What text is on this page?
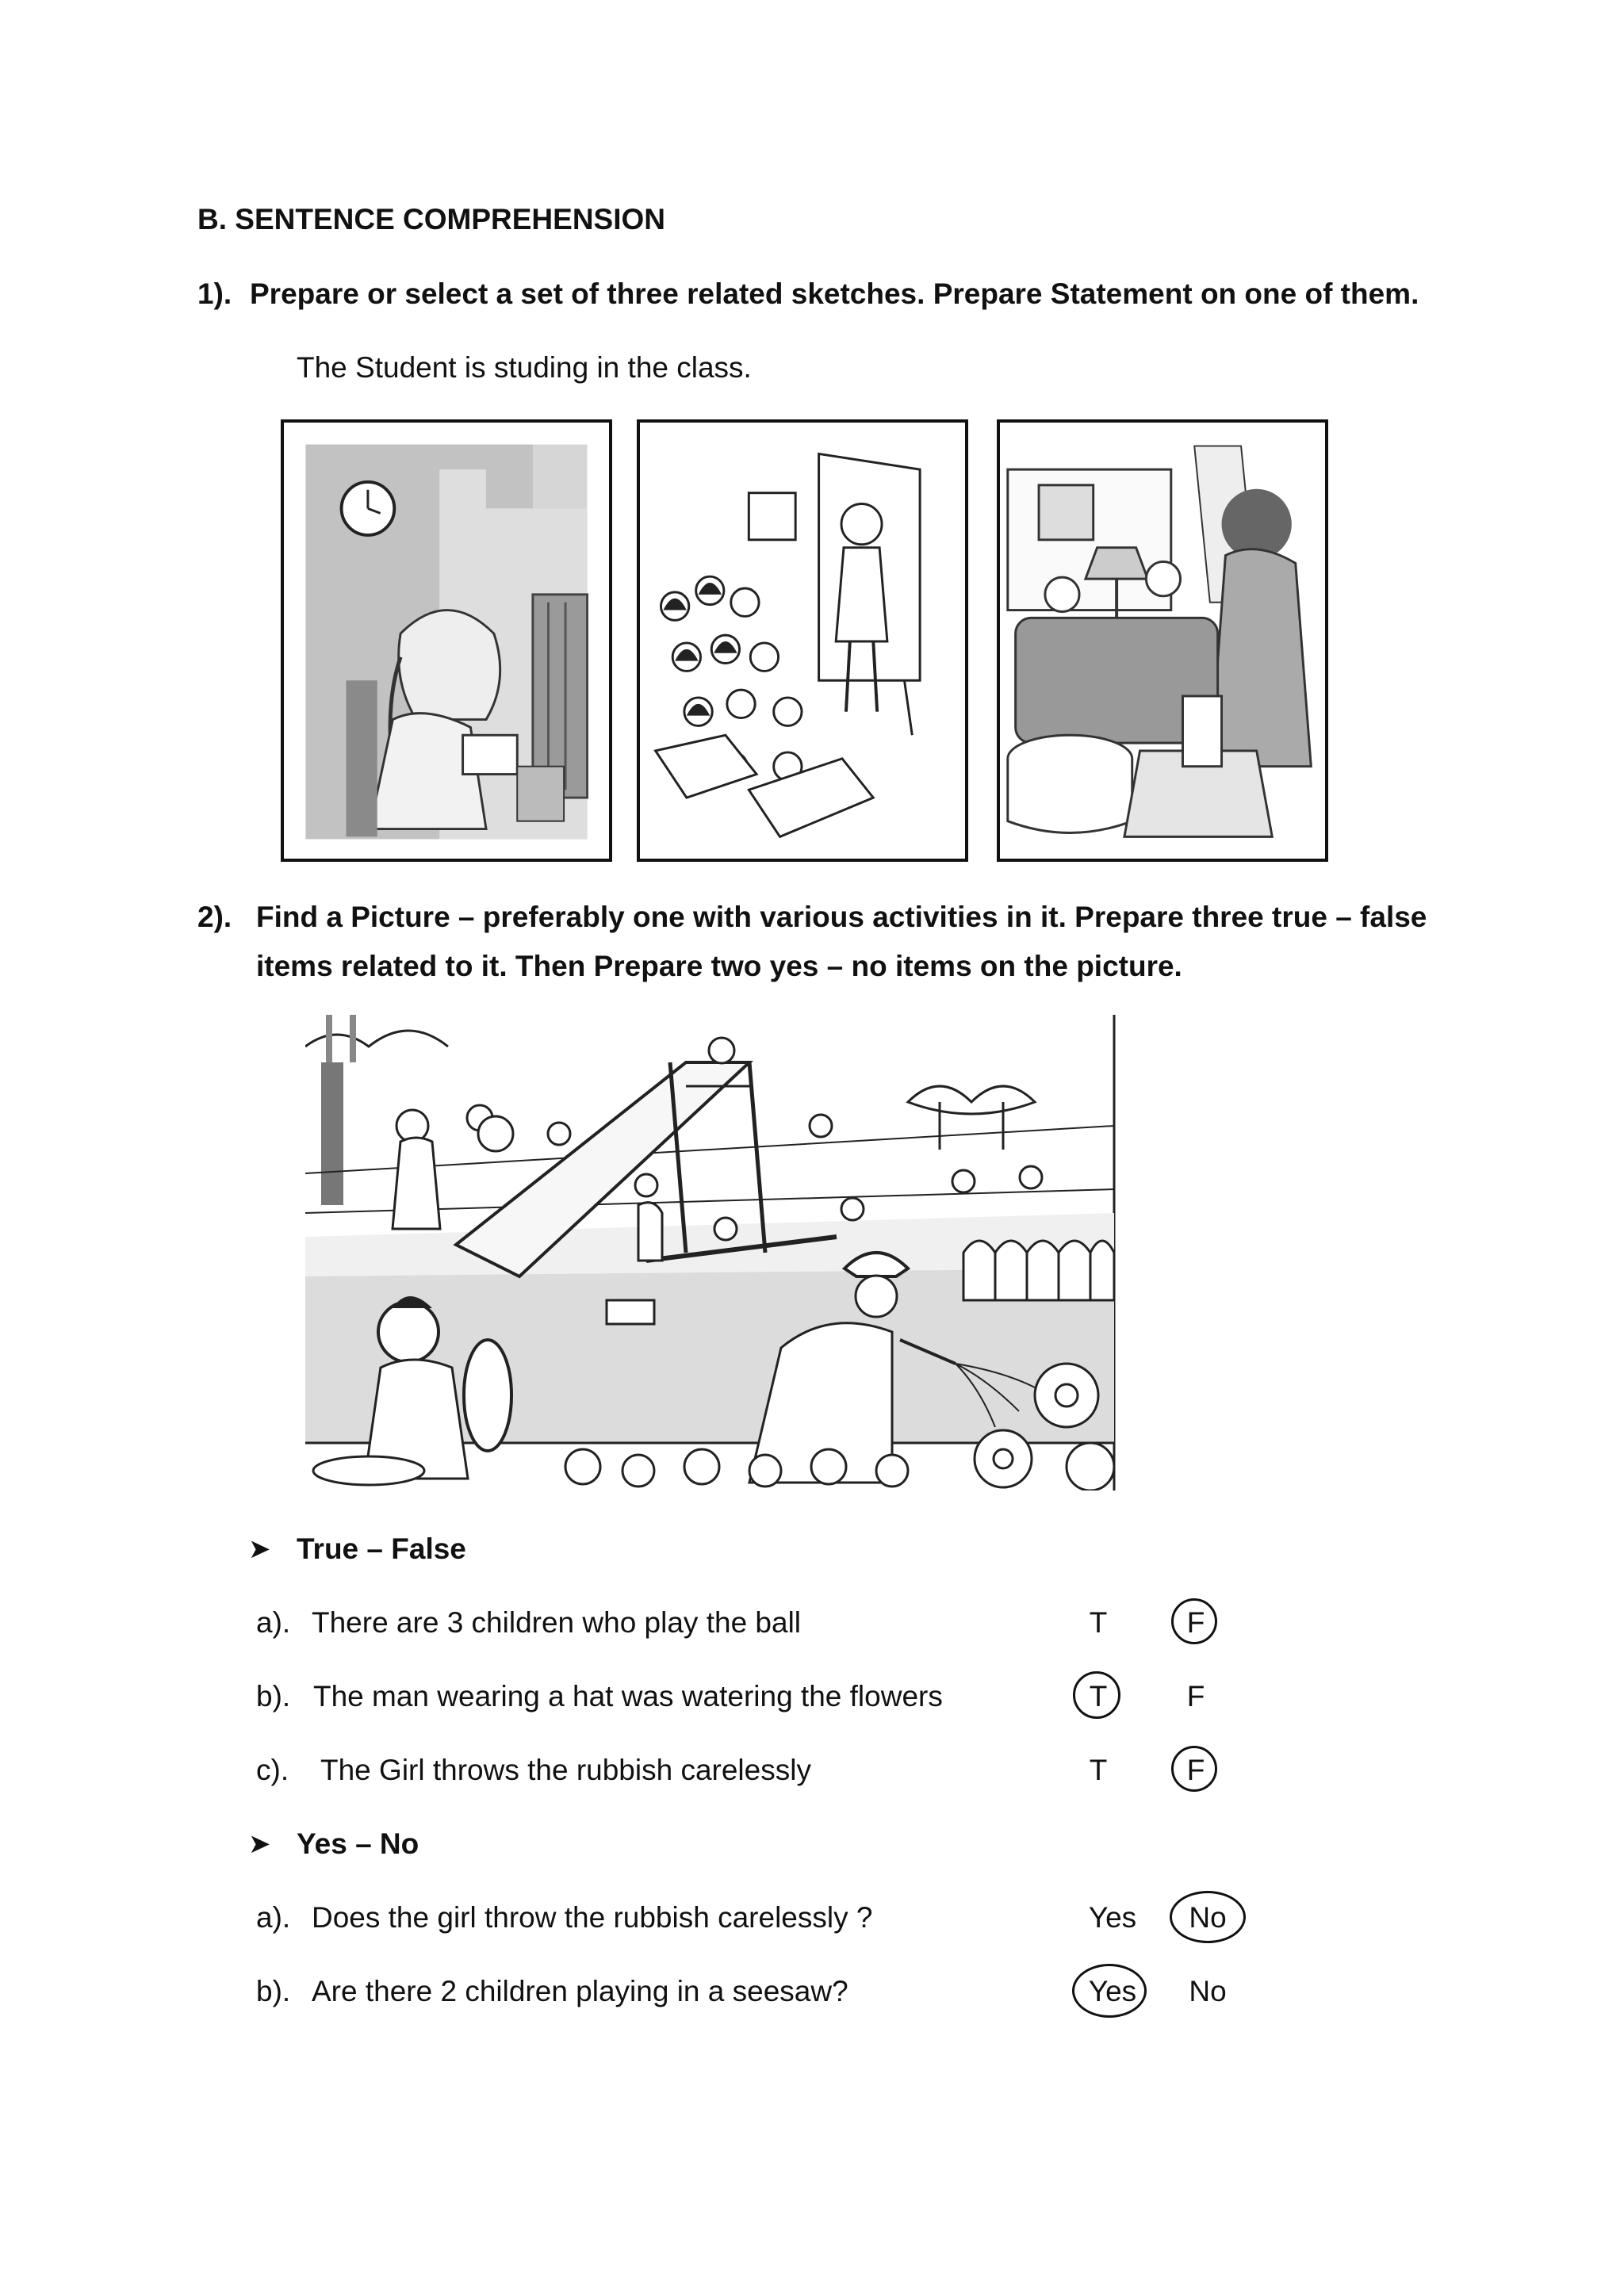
B. SENTENCE COMPREHENSION
1). Prepare or select a set of three related sketches. Prepare Statement on one of them.
The Student is studing in the class.
2). Find a Picture – preferably one with various activities in it. Prepare three true – false
items related to it. Then Prepare two yes – no items on the picture.
➤ True – False
a). There are 3 children who play the ball	T	F
b). The man wearing a hat was watering the flowers	T	F
c). The Girl throws the rubbish carelessly	T	F
➤ Yes – No
a). Does the girl throw the rubbish carelessly ?	Yes	No
b). Are there 2 children playing in a seesaw?	Yes	No
